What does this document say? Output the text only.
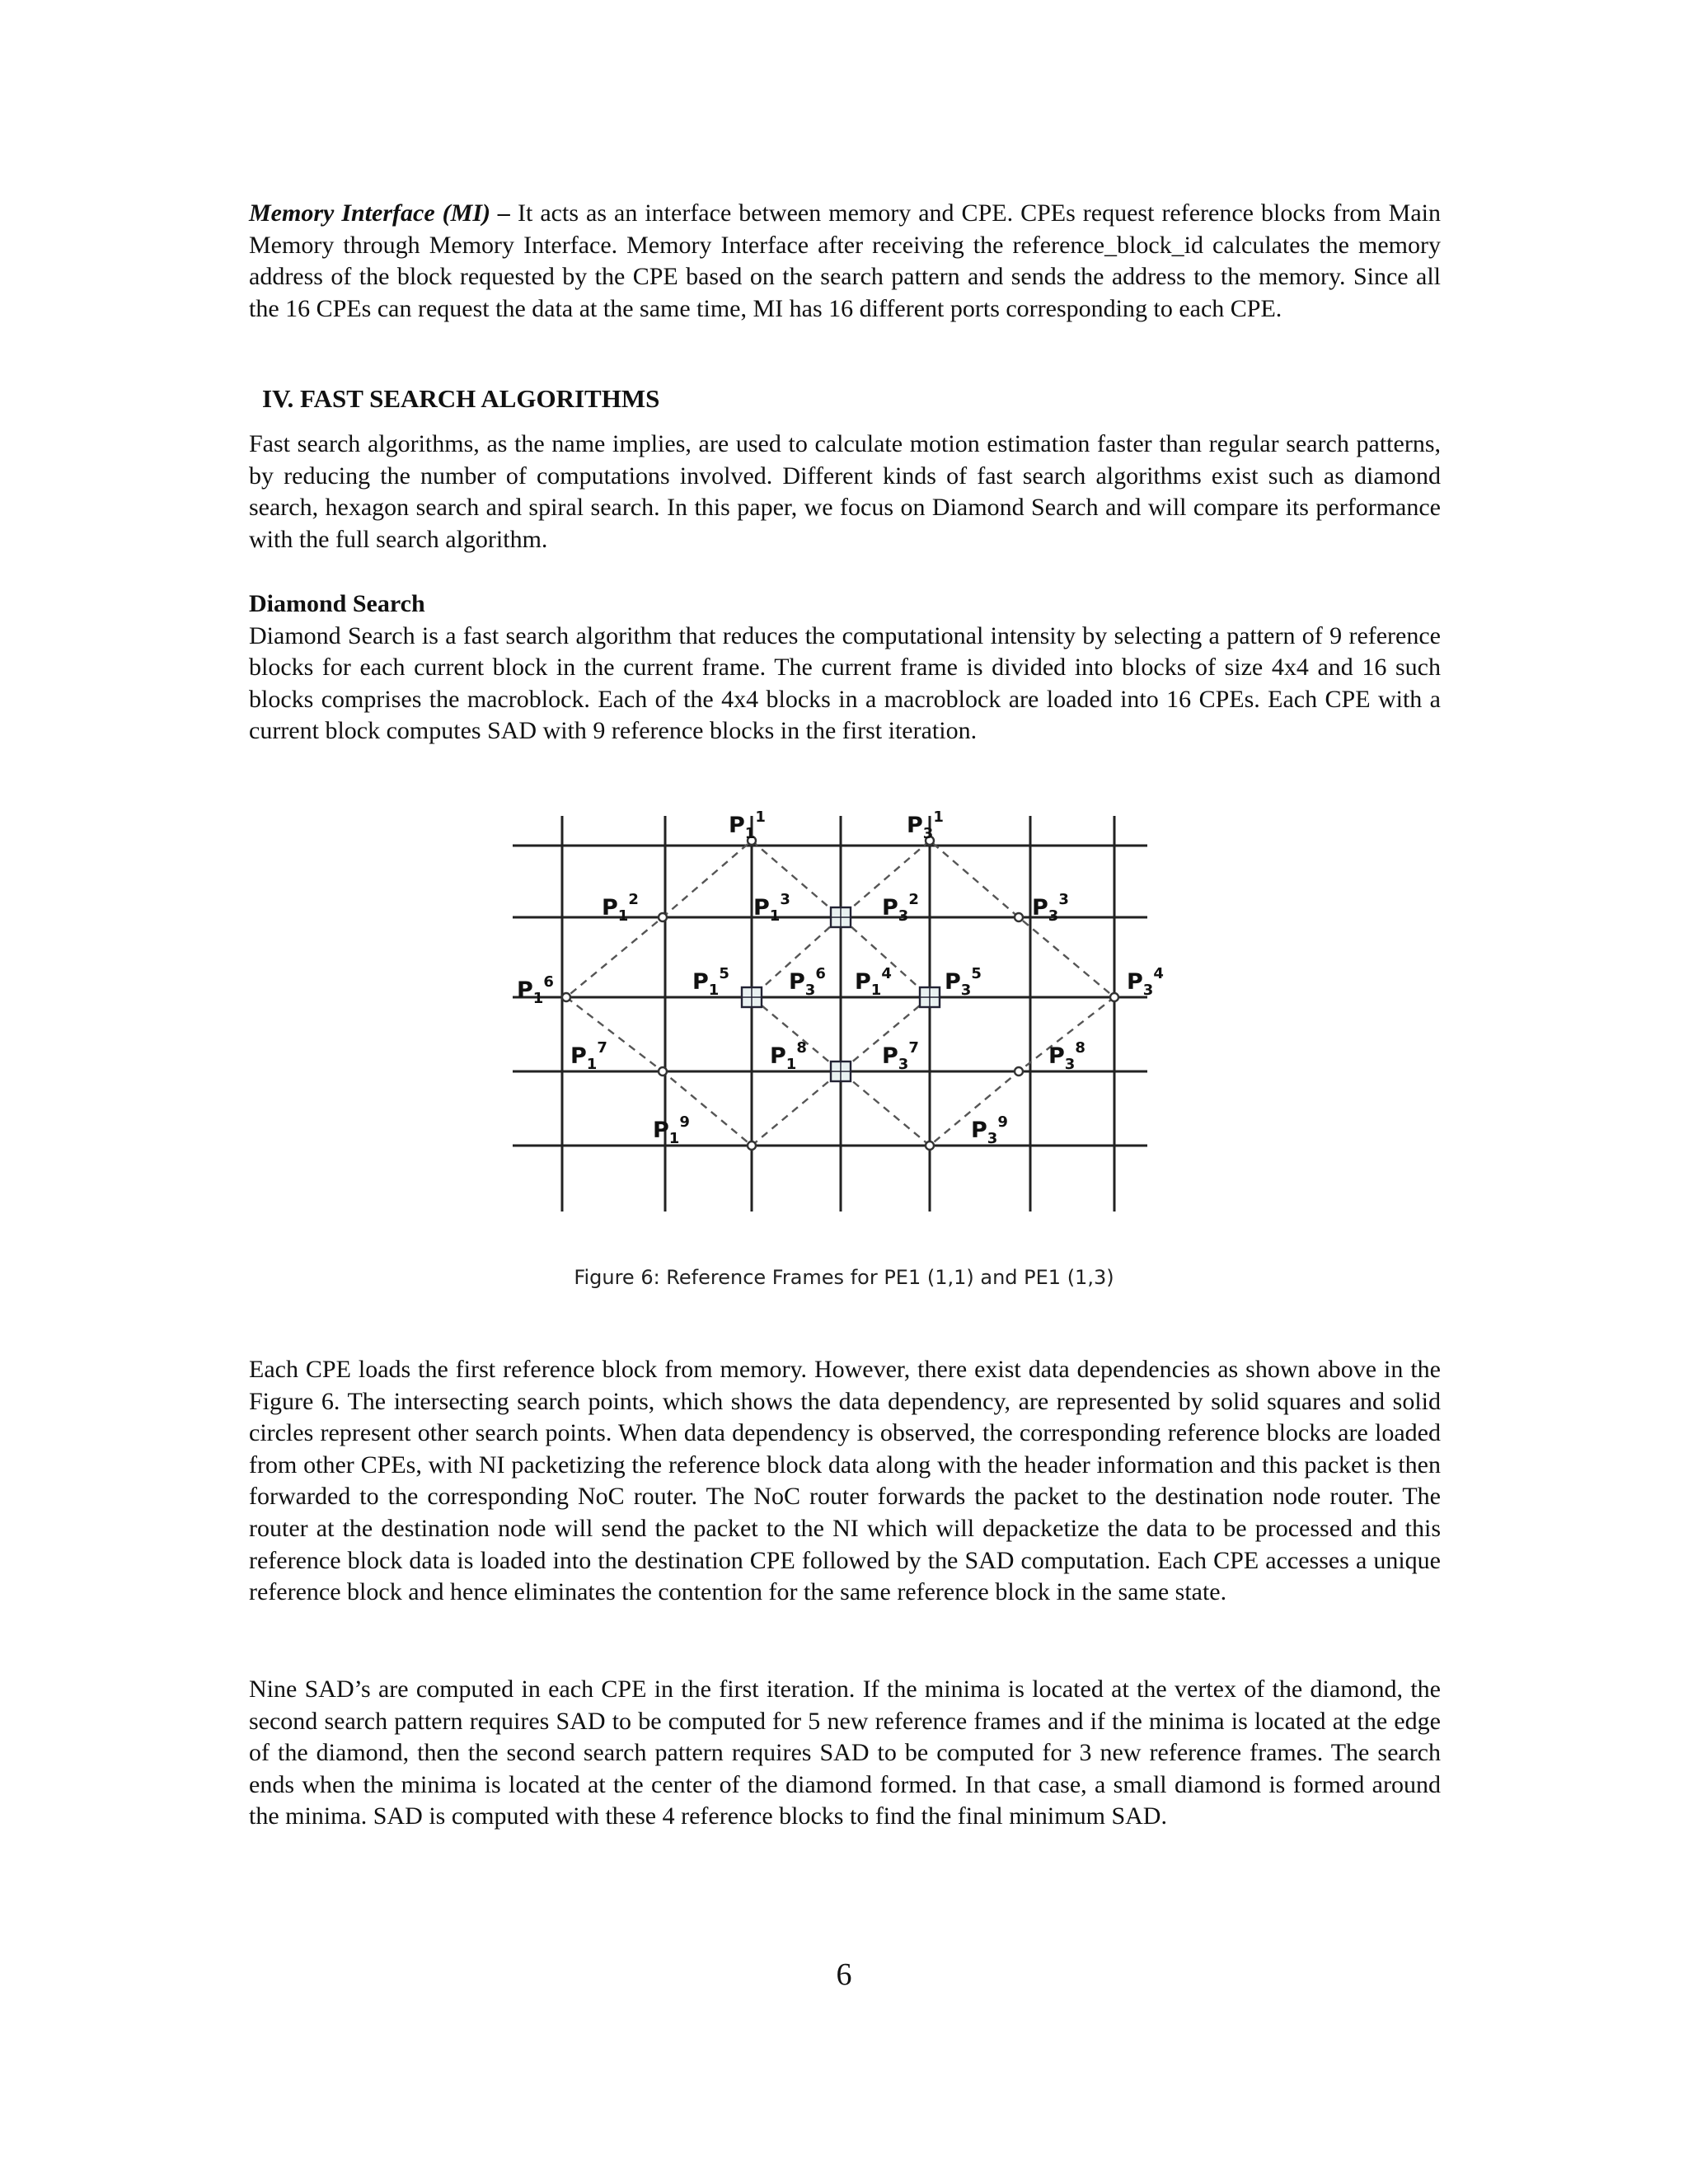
Memory Interface (MI) – It acts as an interface between memory and CPE. CPEs request reference blocks from Main Memory through Memory Interface. Memory Interface after receiving the reference_block_id calculates the memory address of the block requested by the CPE based on the search pattern and sends the address to the memory. Since all the 16 CPEs can request the data at the same time, MI has 16 different ports corresponding to each CPE.

IV. FAST SEARCH ALGORITHMS

Fast search algorithms, as the name implies, are used to calculate motion estimation faster than regular search patterns, by reducing the number of computations involved. Different kinds of fast search algorithms exist such as diamond search, hexagon search and spiral search. In this paper, we focus on Diamond Search and will compare its performance with the full search algorithm.

Diamond Search
Diamond Search is a fast search algorithm that reduces the computational intensity by selecting a pattern of 9 reference blocks for each current block in the current frame. The current frame is divided into blocks of size 4x4 and 16 such blocks comprises the macroblock. Each of the 4x4 blocks in a macroblock are loaded into 16 CPEs. Each CPE with a current block computes SAD with 9 reference blocks in the first iteration.

$P_1^1$	$P_3^1$
$P_1^2$	$P_1^3$	$P_3^2$	$P_3^3$
$P_1^6$	$P_1^5$	$P_3^6$ $P_1^4$ $P_3^5$	$P_3^4$
$P_1^7$	$P_1^8$	$P_3^7$	$P_3^8$
$P_1^9$	$P_3^9$
Figure 6: Reference Frames for PE1 (1,1) and PE1 (1,3)

Each CPE loads the first reference block from memory. However, there exist data dependencies as shown above in the Figure 6. The intersecting search points, which shows the data dependency, are represented by solid squares and solid circles represent other search points. When data dependency is observed, the corresponding reference blocks are loaded from other CPEs, with NI packetizing the reference block data along with the header information and this packet is then forwarded to the corresponding NoC router. The NoC router forwards the packet to the destination node router. The router at the destination node will send the packet to the NI which will depacketize the data to be processed and this reference block data is loaded into the destination CPE followed by the SAD computation. Each CPE accesses a unique reference block and hence eliminates the contention for the same reference block in the same state.

Nine SAD’s are computed in each CPE in the first iteration. If the minima is located at the vertex of the diamond, the second search pattern requires SAD to be computed for 5 new reference frames and if the minima is located at the edge of the diamond, then the second search pattern requires SAD to be computed for 3 new reference frames. The search ends when the minima is located at the center of the diamond formed. In that case, a small diamond is formed around the minima. SAD is computed with these 4 reference blocks to find the final minimum SAD.

6
